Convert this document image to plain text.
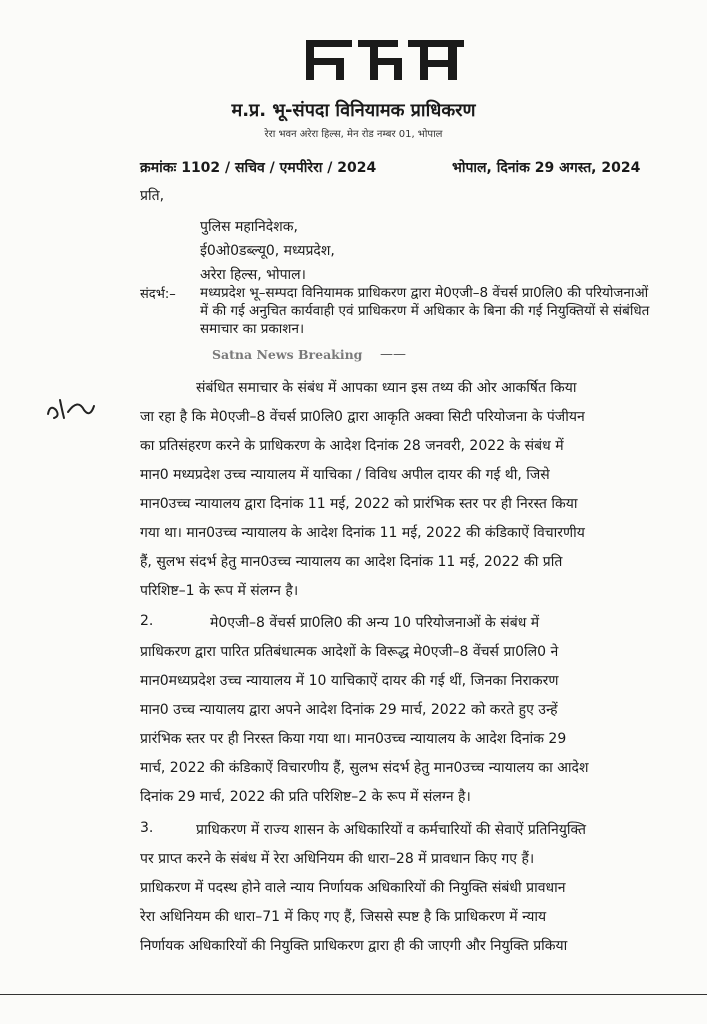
म.प्र. भू-संपदा विनियामक प्राधिकरण
रेरा भवन अरेरा हिल्स, मेन रोड नम्बर 01, भोपाल
क्रमांकः 1102 / सचिव / एमपीरेरा / 2024	भोपाल, दिनांक 29 अगस्त, 2024
प्रति,
पुलिस महानिदेशक,
ई0ओ0डब्ल्यू0, मध्यप्रदेश,
अरेरा हिल्स, भोपाल।
संदर्भ:– मध्यप्रदेश भू–सम्पदा विनियामक प्राधिकरण द्वारा मे0एजी–8 वेंचर्स प्रा0लि0 की परियोजनाओं में की गई अनुचित कार्यवाही एवं प्राधिकरण में अधिकार के बिना की गई नियुक्तियों से संबंधित समाचार का प्रकाशन।
Satna News Breaking ——
संबंधित समाचार के संबंध में आपका ध्यान इस तथ्य की ओर आकर्षित किया
जा रहा है कि मे0एजी–8 वेंचर्स प्रा0लि0 द्वारा आकृति अक्वा सिटी परियोजना के पंजीयन
का प्रतिसंहरण करने के प्राधिकरण के आदेश दिनांक 28 जनवरी, 2022 के संबंध में
मान0 मध्यप्रदेश उच्च न्यायालय में याचिका / विविध अपील दायर की गई थी, जिसे
मान0उच्च न्यायालय द्वारा दिनांक 11 मई, 2022 को प्रारंभिक स्तर पर ही निरस्त किया
गया था। मान0उच्च न्यायालय के आदेश दिनांक 11 मई, 2022 की कंडिकाऐं विचारणीय
हैं, सुलभ संदर्भ हेतु मान0उच्च न्यायालय का आदेश दिनांक 11 मई, 2022 की प्रति
परिशिष्ट–1 के रूप में संलग्न है।
2.	मे0एजी–8 वेंचर्स प्रा0लि0 की अन्य 10 परियोजनाओं के संबंध में
प्राधिकरण द्वारा पारित प्रतिबंधात्मक आदेशों के विरूद्ध मे0एजी–8 वेंचर्स प्रा0लि0 ने
मान0मध्यप्रदेश उच्च न्यायालय में 10 याचिकाऐं दायर की गई थीं, जिनका निराकरण
मान0 उच्च न्यायालय द्वारा अपने आदेश दिनांक 29 मार्च, 2022 को करते हुए उन्हें
प्रारंभिक स्तर पर ही निरस्त किया गया था। मान0उच्च न्यायालय के आदेश दिनांक 29
मार्च, 2022 की कंडिकाऐं विचारणीय हैं, सुलभ संदर्भ हेतु मान0उच्च न्यायालय का आदेश
दिनांक 29 मार्च, 2022 की प्रति परिशिष्ट–2 के रूप में संलग्न है।
3.	प्राधिकरण में राज्य शासन के अधिकारियों व कर्मचारियों की सेवाऐं प्रतिनियुक्ति
पर प्राप्त करने के संबंध में रेरा अधिनियम की धारा–28 में प्रावधान किए गए हैं।
प्राधिकरण में पदस्थ होने वाले न्याय निर्णायक अधिकारियों की नियुक्ति संबंधी प्रावधान
रेरा अधिनियम की धारा–71 में किए गए हैं, जिससे स्पष्ट है कि प्राधिकरण में न्याय
निर्णायक अधिकारियों की नियुक्ति प्राधिकरण द्वारा ही की जाएगी और नियुक्ति प्रकिया
